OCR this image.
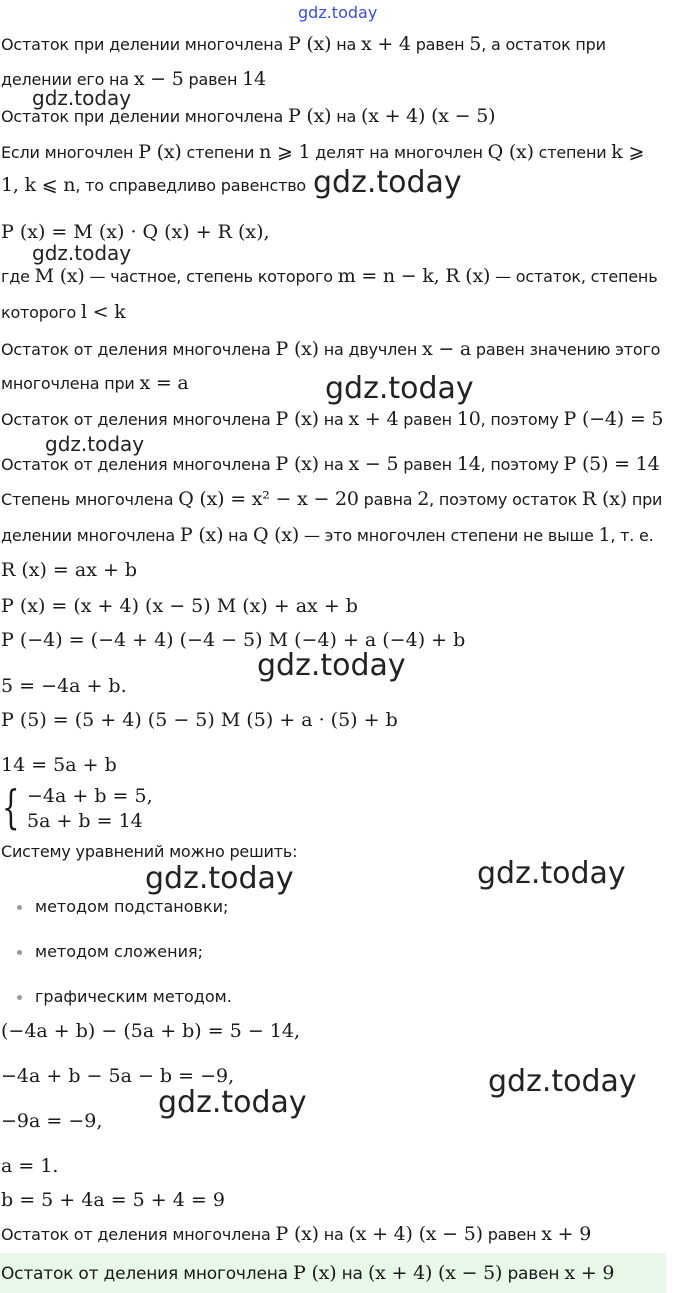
gdz.today
gdz.today
gdz.today
gdz.today
gdz.today
gdz.today
gdz.today
gdz.today	gdz.today
gdz.today
gdz.today
Остаток при делении многочлена P (x) на x + 4 равен 5, а остаток при
делении его на x − 5 равен 14
Остаток при делении многочлена P (x) на (x + 4) (x − 5)
Если многочлен P (x) степени n ⩾ 1 делят на многочлен Q (x) степени k ⩾
1, k ⩽ n, то справедливо равенство
P (x) = M (x) · Q (x) + R (x),
где M (x) — частное, степень которого m = n − k, R (x) — остаток, степень
которого l < k
Остаток от деления многочлена P (x) на двучлен x − a равен значению этого
многочлена при x = a
Остаток от деления многочлена P (x) на x + 4 равен 10, поэтому P (−4) = 5
Остаток от деления многочлена P (x) на x − 5 равен 14, поэтому P (5) = 14
Степень многочлена Q (x) = x² − x − 20 равна 2, поэтому остаток R (x) при
делении многочлена P (x) на Q (x) — это многочлен степени не выше 1, т. е.
R (x) = ax + b
P (x) = (x + 4) (x − 5) M (x) + ax + b
P (−4) = (−4 + 4) (−4 − 5) M (−4) + a (−4) + b
5 = −4a + b.
P (5) = (5 + 4) (5 − 5) M (5) + a · (5) + b
14 = 5a + b
{ −4a + b = 5,
5a + b = 14
Систему уравнений можно решить:
методом подстановки;
методом сложения;
графическим методом.
(−4a + b) − (5a + b) = 5 − 14,
−4a + b − 5a − b = −9,
−9a = −9,
a = 1.
b = 5 + 4a = 5 + 4 = 9
Остаток от деления многочлена P (x) на (x + 4) (x − 5) равен x + 9
Остаток от деления многочлена P (x) на (x + 4) (x − 5) равен x + 9
